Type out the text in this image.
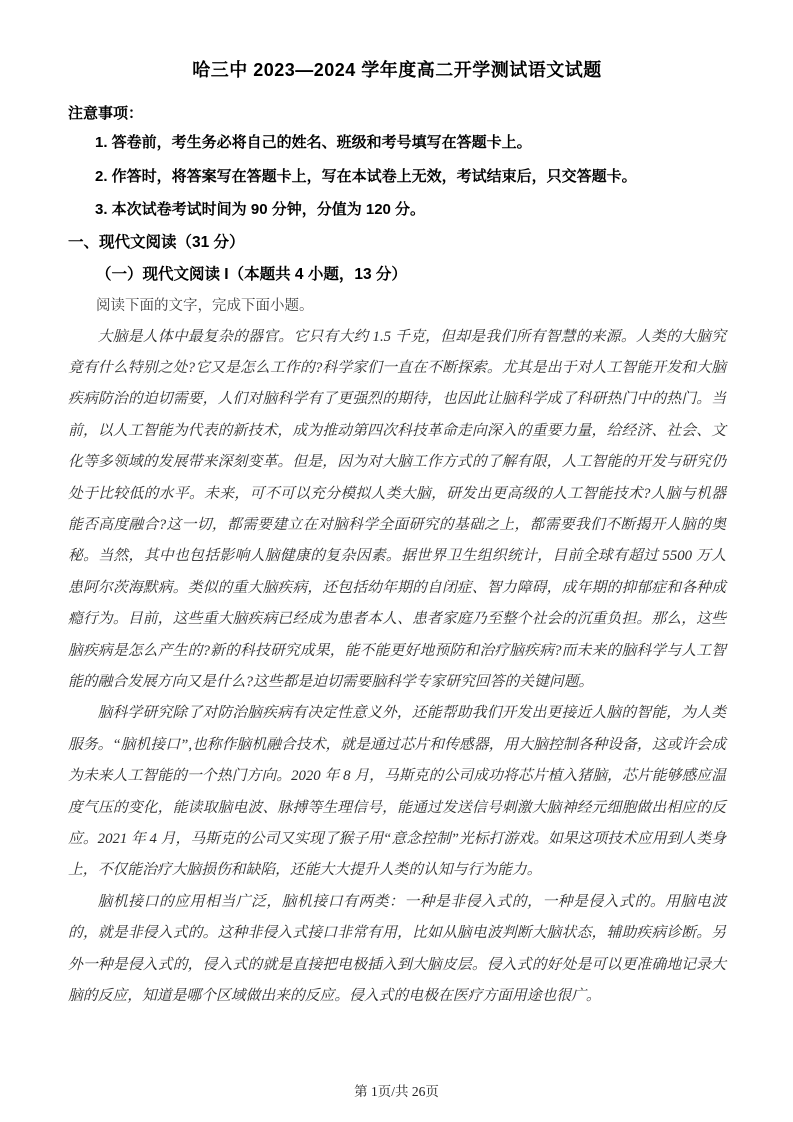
哈三中 2023—2024 学年度高二开学测试语文试题
注意事项：
1. 答卷前，考生务必将自己的姓名、班级和考号填写在答题卡上。
2. 作答时，将答案写在答题卡上，写在本试卷上无效，考试结束后，只交答题卡。
3. 本次试卷考试时间为 90 分钟，分值为 120 分。
一、现代文阅读（31 分）
（一）现代文阅读 I（本题共 4 小题，13 分）
阅读下面的文字，完成下面小题。

大脑是人体中最复杂的器官。它只有大约 1.5 千克，但却是我们所有智慧的来源。人类的大脑究竟有什么特别之处?它又是怎么工作的?科学家们一直在不断探索。尤其是出于对人工智能开发和大脑疾病防治的迫切需要，人们对脑科学有了更强烈的期待，也因此让脑科学成了科研热门中的热门。当前，以人工智能为代表的新技术，成为推动第四次科技革命走向深入的重要力量，给经济、社会、文化等多领域的发展带来深刻变革。但是，因为对大脑工作方式的了解有限，人工智能的开发与研究仍处于比较低的水平。未来，可不可以充分模拟人类大脑，研发出更高级的人工智能技术?人脑与机器能否高度融合?这一切，都需要建立在对脑科学全面研究的基础之上，都需要我们不断揭开人脑的奥秘。当然，其中也包括影响人脑健康的复杂因素。据世界卫生组织统计，目前全球有超过 5500 万人患阿尔茨海默病。类似的重大脑疾病，还包括幼年期的自闭症、智力障碍，成年期的抑郁症和各种成瘾行为。目前，这些重大脑疾病已经成为患者本人、患者家庭乃至整个社会的沉重负担。那么，这些脑疾病是怎么产生的?新的科技研究成果，能不能更好地预防和治疗脑疾病?而未来的脑科学与人工智能的融合发展方向又是什么?这些都是迫切需要脑科学专家研究回答的关键问题。

脑科学研究除了对防治脑疾病有决定性意义外，还能帮助我们开发出更接近人脑的智能，为人类服务。“脑机接口”,也称作脑机融合技术，就是通过芯片和传感器，用大脑控制各种设备，这或许会成为未来人工智能的一个热门方向。2020 年 8 月，马斯克的公司成功将芯片植入猪脑，芯片能够感应温度气压的变化，能读取脑电波、脉搏等生理信号，能通过发送信号刺激大脑神经元细胞做出相应的反应。2021 年 4 月，马斯克的公司又实现了猴子用“意念控制”光标打游戏。如果这项技术应用到人类身上，不仅能治疗大脑损伤和缺陷，还能大大提升人类的认知与行为能力。

脑机接口的应用相当广泛，脑机接口有两类：一种是非侵入式的，一种是侵入式的。用脑电波的，就是非侵入式的。这种非侵入式接口非常有用，比如从脑电波判断大脑状态，辅助疾病诊断。另外一种是侵入式的，侵入式的就是直接把电极插入到大脑皮层。侵入式的好处是可以更准确地记录大脑的反应，知道是哪个区域做出来的反应。侵入式的电极在医疗方面用途也很广。

第 1页/共 26页
